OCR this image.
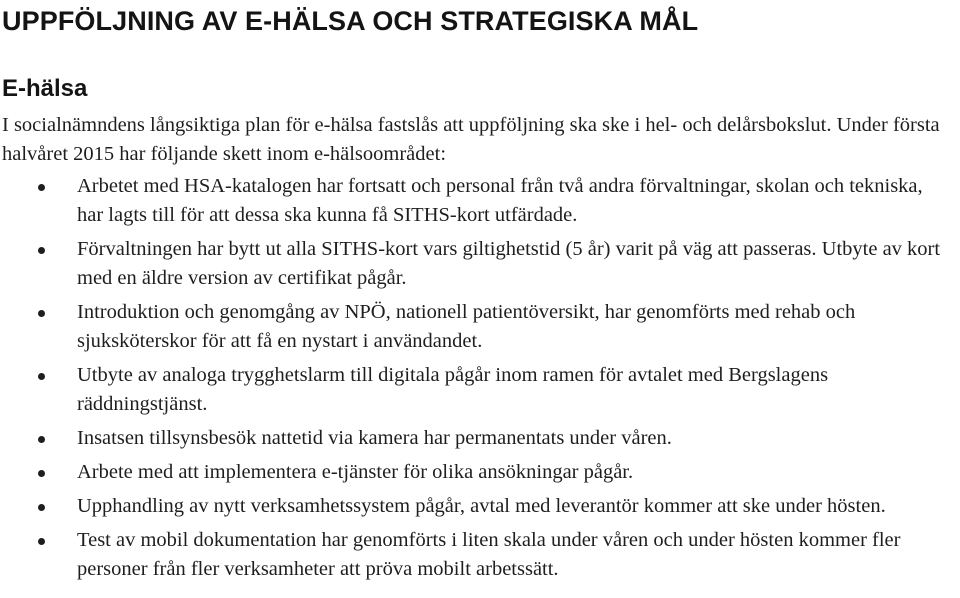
UPPFÖLJNING AV E-HÄLSA OCH STRATEGISKA MÅL
E-hälsa

I socialnämndens långsiktiga plan för e-hälsa fastslås att uppföljning ska ske i hel- och delårsbokslut. Under första halvåret 2015 har följande skett inom e-hälsoområdet:

Arbetet med HSA-katalogen har fortsatt och personal från två andra förvaltningar, skolan och tekniska, har lagts till för att dessa ska kunna få SITHS-kort utfärdade.
Förvaltningen har bytt ut alla SITHS-kort vars giltighetstid (5 år) varit på väg att passeras. Utbyte av kort med en äldre version av certifikat pågår.
Introduktion och genomgång av NPÖ, nationell patientöversikt, har genomförts med rehab och sjuksköterskor för att få en nystart i användandet.
Utbyte av analoga trygghetslarm till digitala pågår inom ramen för avtalet med Bergslagens räddningstjänst.
Insatsen tillsynsbesök nattetid via kamera har permanentats under våren.
Arbete med att implementera e-tjänster för olika ansökningar pågår.
Upphandling av nytt verksamhetssystem pågår, avtal med leverantör kommer att ske under hösten.
Test av mobil dokumentation har genomförts i liten skala under våren och under hösten kommer fler personer från fler verksamheter att pröva mobilt arbetssätt.
